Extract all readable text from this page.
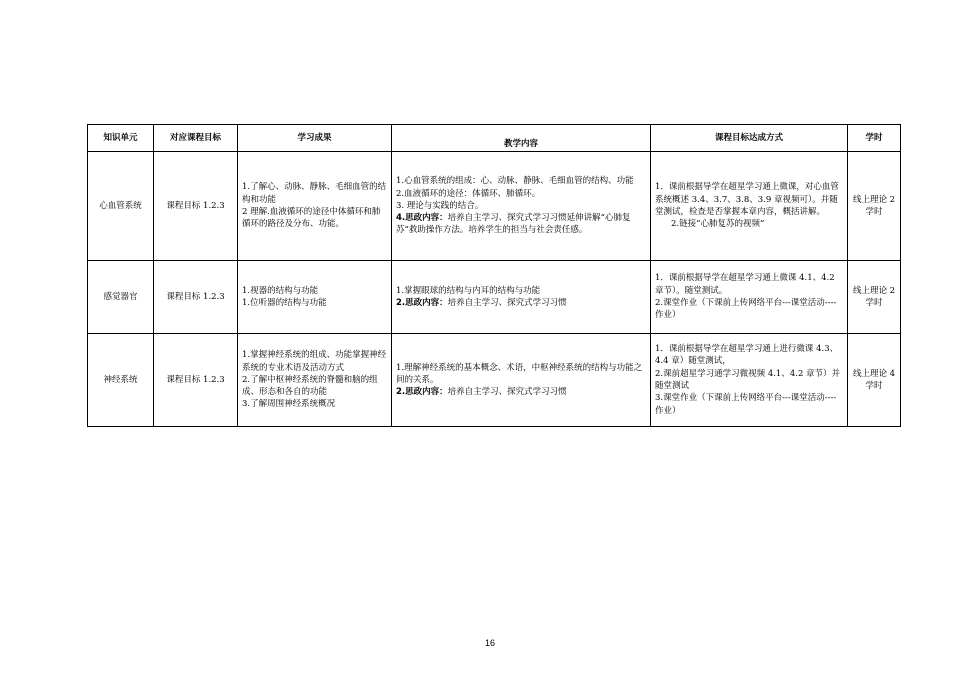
知识单元	对应课程目标	学习成果	教学内容	课程目标达成方式	学时
心血管系统	课程目标 1.2.3	1.了解心、动脉、静脉、毛细血管的结构和功能
2 理解.血液循环的途径中体循环和肺循环的路径及分布、功能。	1.心血管系统的组成：心、动脉、静脉、毛细血管的结构、功能
2.血液循环的途径：体循环、肺循环。
3. 理论与实践的结合。
4.思政内容：培养自主学习、探究式学习习惯延伸讲解“心肺复苏”救助操作方法。培养学生的担当与社会责任感。	1．课前根据导学在超星学习通上微课，对心血管系统概述 3.4、3.7、3.8、3.9 章视频可）。并随堂测试，检查是否掌握本章内容，概括讲解。
2.链接“心肺复苏的视频”	线上理论 2 学时
感觉器官	课程目标 1.2.3	1.视器的结构与功能
1.位听器的结构与功能	1.掌握眼球的结构与内耳的结构与功能
2.思政内容：培养自主学习、探究式学习习惯	1．课前根据导学在超星学习通上微课 4.1、4.2 章节）。随堂测试。
2.课堂作业（下课前上传网络平台---课堂活动----作业）	线上理论 2学时
神经系统	课程目标 1.2.3	1.掌握神经系统的组成、功能掌握神经系统的专业术语及活动方式
2.了解中枢神经系统的脊髓和脑的组成、形态和各自的功能
3.了解周围神经系统概况	1.理解神经系统的基本概念、术语，中枢神经系统的结构与功能之间的关系。
2.思政内容：培养自主学习、探究式学习习惯	1．课前根据导学在超星学习通上进行微课 4.3、4.4 章）随堂测试，
2.课前超星学习通学习微视频 4.1、4.2 章节）并随堂测试
3.课堂作业（下课前上传网络平台---课堂活动----作业）	线上理论 4 学时
16
